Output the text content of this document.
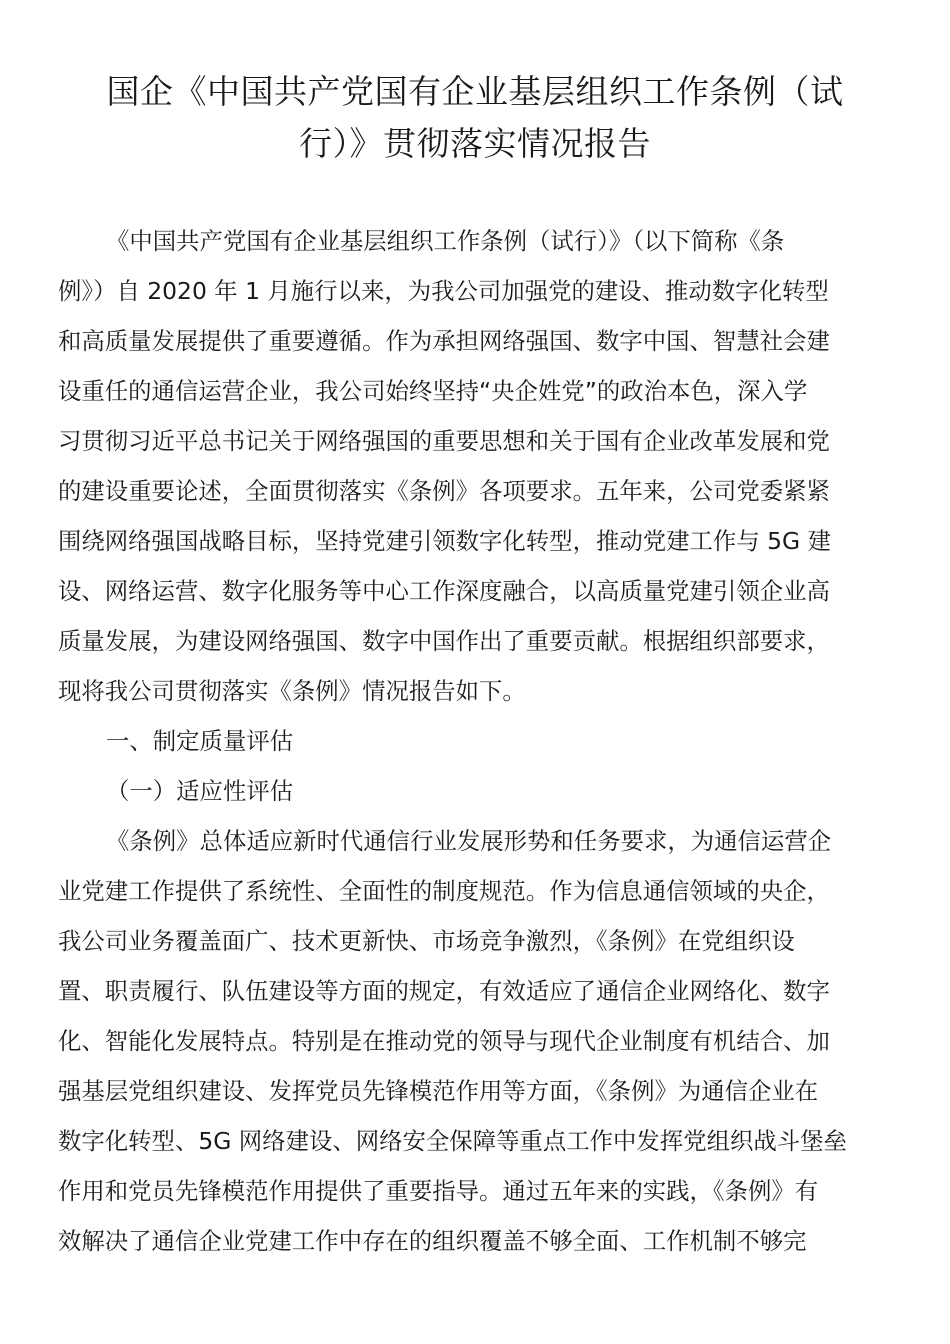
国企《中国共产党国有企业基层组织工作条例（试
行）》贯彻落实情况报告
《中国共产党国有企业基层组织工作条例（试行）》（以下简称《条
例》）自 2020 年 1 月施行以来，为我公司加强党的建设、推动数字化转型
和高质量发展提供了重要遵循。作为承担网络强国、数字中国、智慧社会建
设重任的通信运营企业，我公司始终坚持“央企姓党”的政治本色，深入学
习贯彻习近平总书记关于网络强国的重要思想和关于国有企业改革发展和党
的建设重要论述，全面贯彻落实《条例》各项要求。五年来，公司党委紧紧
围绕网络强国战略目标，坚持党建引领数字化转型，推动党建工作与 5G 建
设、网络运营、数字化服务等中心工作深度融合，以高质量党建引领企业高
质量发展，为建设网络强国、数字中国作出了重要贡献。根据组织部要求，
现将我公司贯彻落实《条例》情况报告如下。
一、制定质量评估
（一）适应性评估
《条例》总体适应新时代通信行业发展形势和任务要求，为通信运营企
业党建工作提供了系统性、全面性的制度规范。作为信息通信领域的央企，
我公司业务覆盖面广、技术更新快、市场竞争激烈，《条例》在党组织设
置、职责履行、队伍建设等方面的规定，有效适应了通信企业网络化、数字
化、智能化发展特点。特别是在推动党的领导与现代企业制度有机结合、加
强基层党组织建设、发挥党员先锋模范作用等方面，《条例》为通信企业在
数字化转型、5G 网络建设、网络安全保障等重点工作中发挥党组织战斗堡垒
作用和党员先锋模范作用提供了重要指导。通过五年来的实践，《条例》有
效解决了通信企业党建工作中存在的组织覆盖不够全面、工作机制不够完
